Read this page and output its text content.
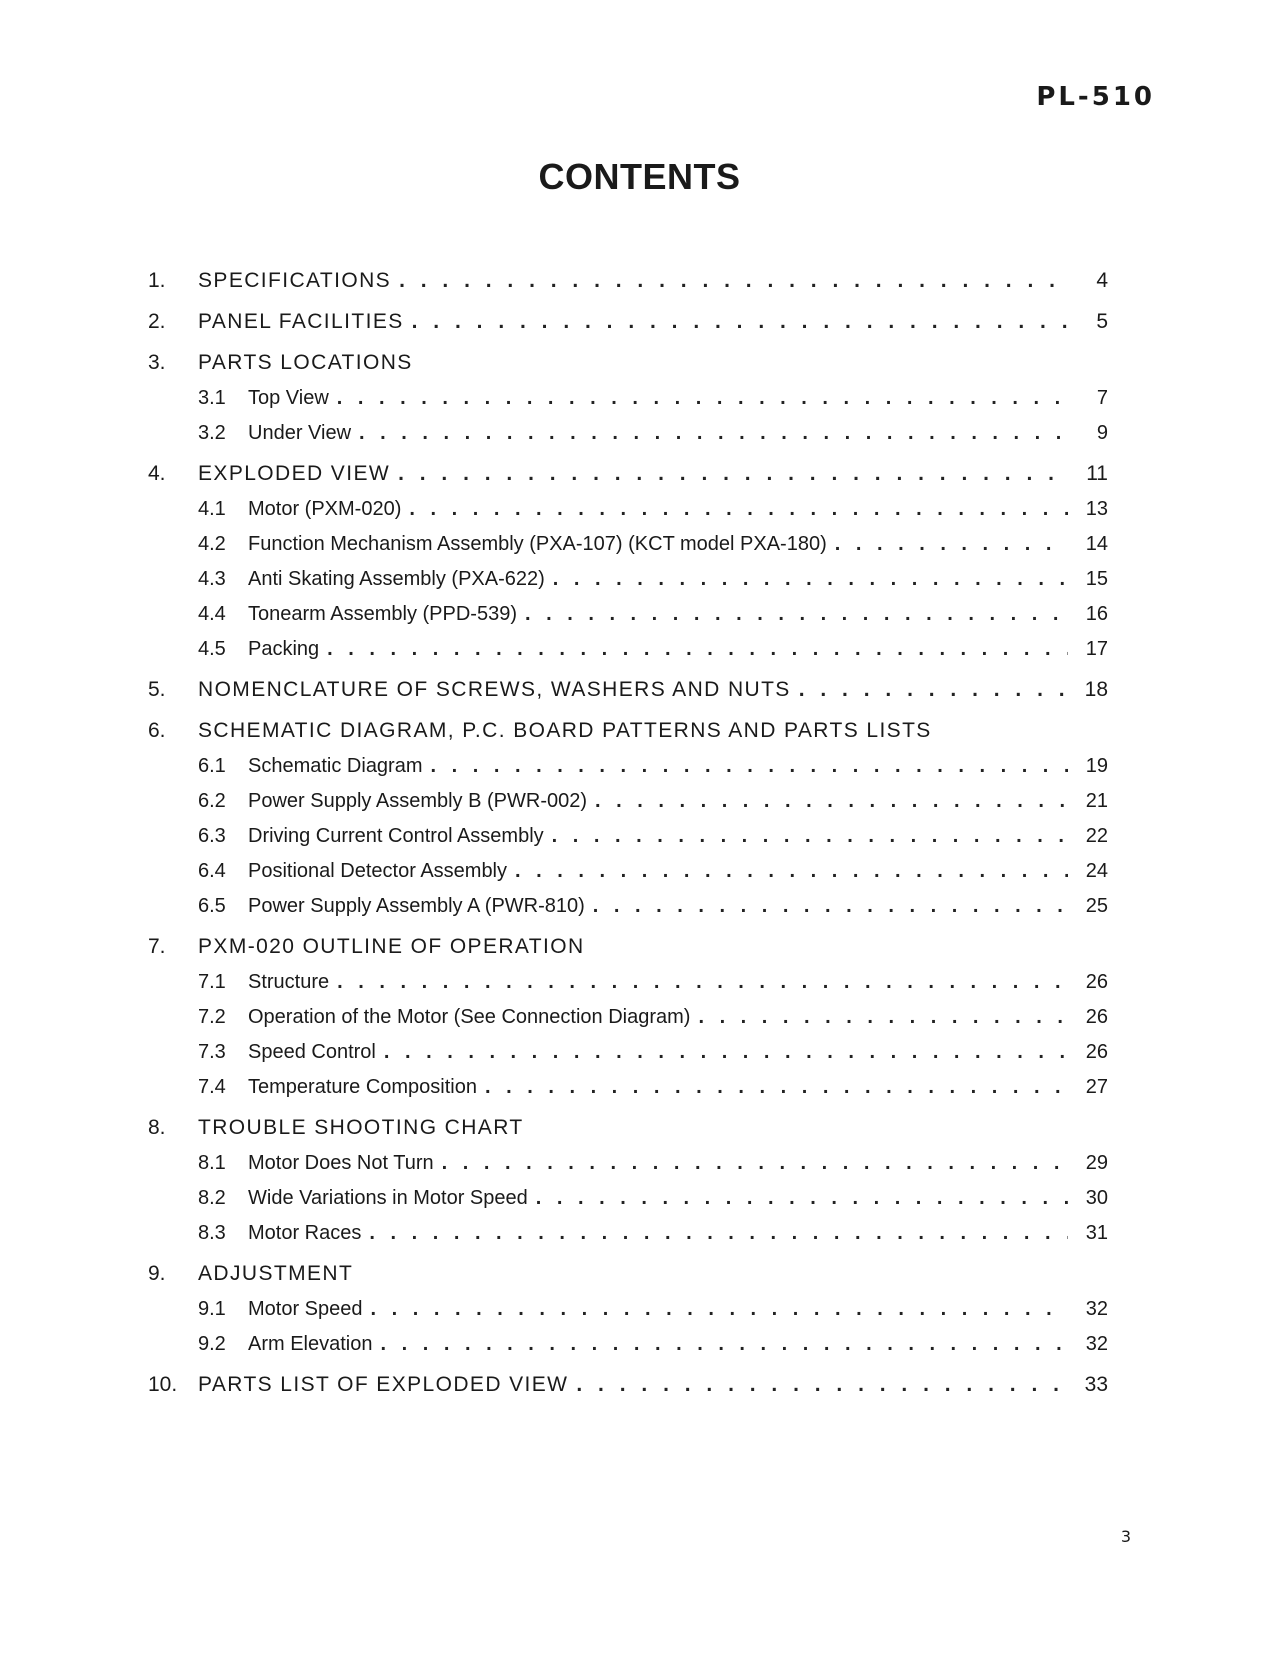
PL-510
CONTENTS
1. SPECIFICATIONS . . .	4
2. PANEL FACILITIES . . .	5
3. PARTS LOCATIONS
3.1 Top View . . .	7
3.2 Under View . . .	9
4. EXPLODED VIEW . . .	11
4.1 Motor (PXM-020) . . .	13
4.2 Function Mechanism Assembly (PXA-107) (KCT model PXA-180) . . .	14
4.3 Anti Skating Assembly (PXA-622) . . .	15
4.4 Tonearm Assembly (PPD-539) . . .	16
4.5 Packing . . .	17
5. NOMENCLATURE OF SCREWS, WASHERS AND NUTS . . .	18
6. SCHEMATIC DIAGRAM, P.C. BOARD PATTERNS AND PARTS LISTS
6.1 Schematic Diagram . . .	19
6.2 Power Supply Assembly B (PWR-002) . . .	21
6.3 Driving Current Control Assembly . . .	22
6.4 Positional Detector Assembly . . .	24
6.5 Power Supply Assembly A (PWR-810) . . .	25
7. PXM-020 OUTLINE OF OPERATION
7.1 Structure . . .	26
7.2 Operation of the Motor (See Connection Diagram) . . .	26
7.3 Speed Control . . .	26
7.4 Temperature Composition . . .	27
8. TROUBLE SHOOTING CHART
8.1 Motor Does Not Turn . . .	29
8.2 Wide Variations in Motor Speed . . .	30
8.3 Motor Races . . .	31
9. ADJUSTMENT
9.1 Motor Speed . . .	32
9.2 Arm Elevation . . .	32
10. PARTS LIST OF EXPLODED VIEW . . .	33
3
